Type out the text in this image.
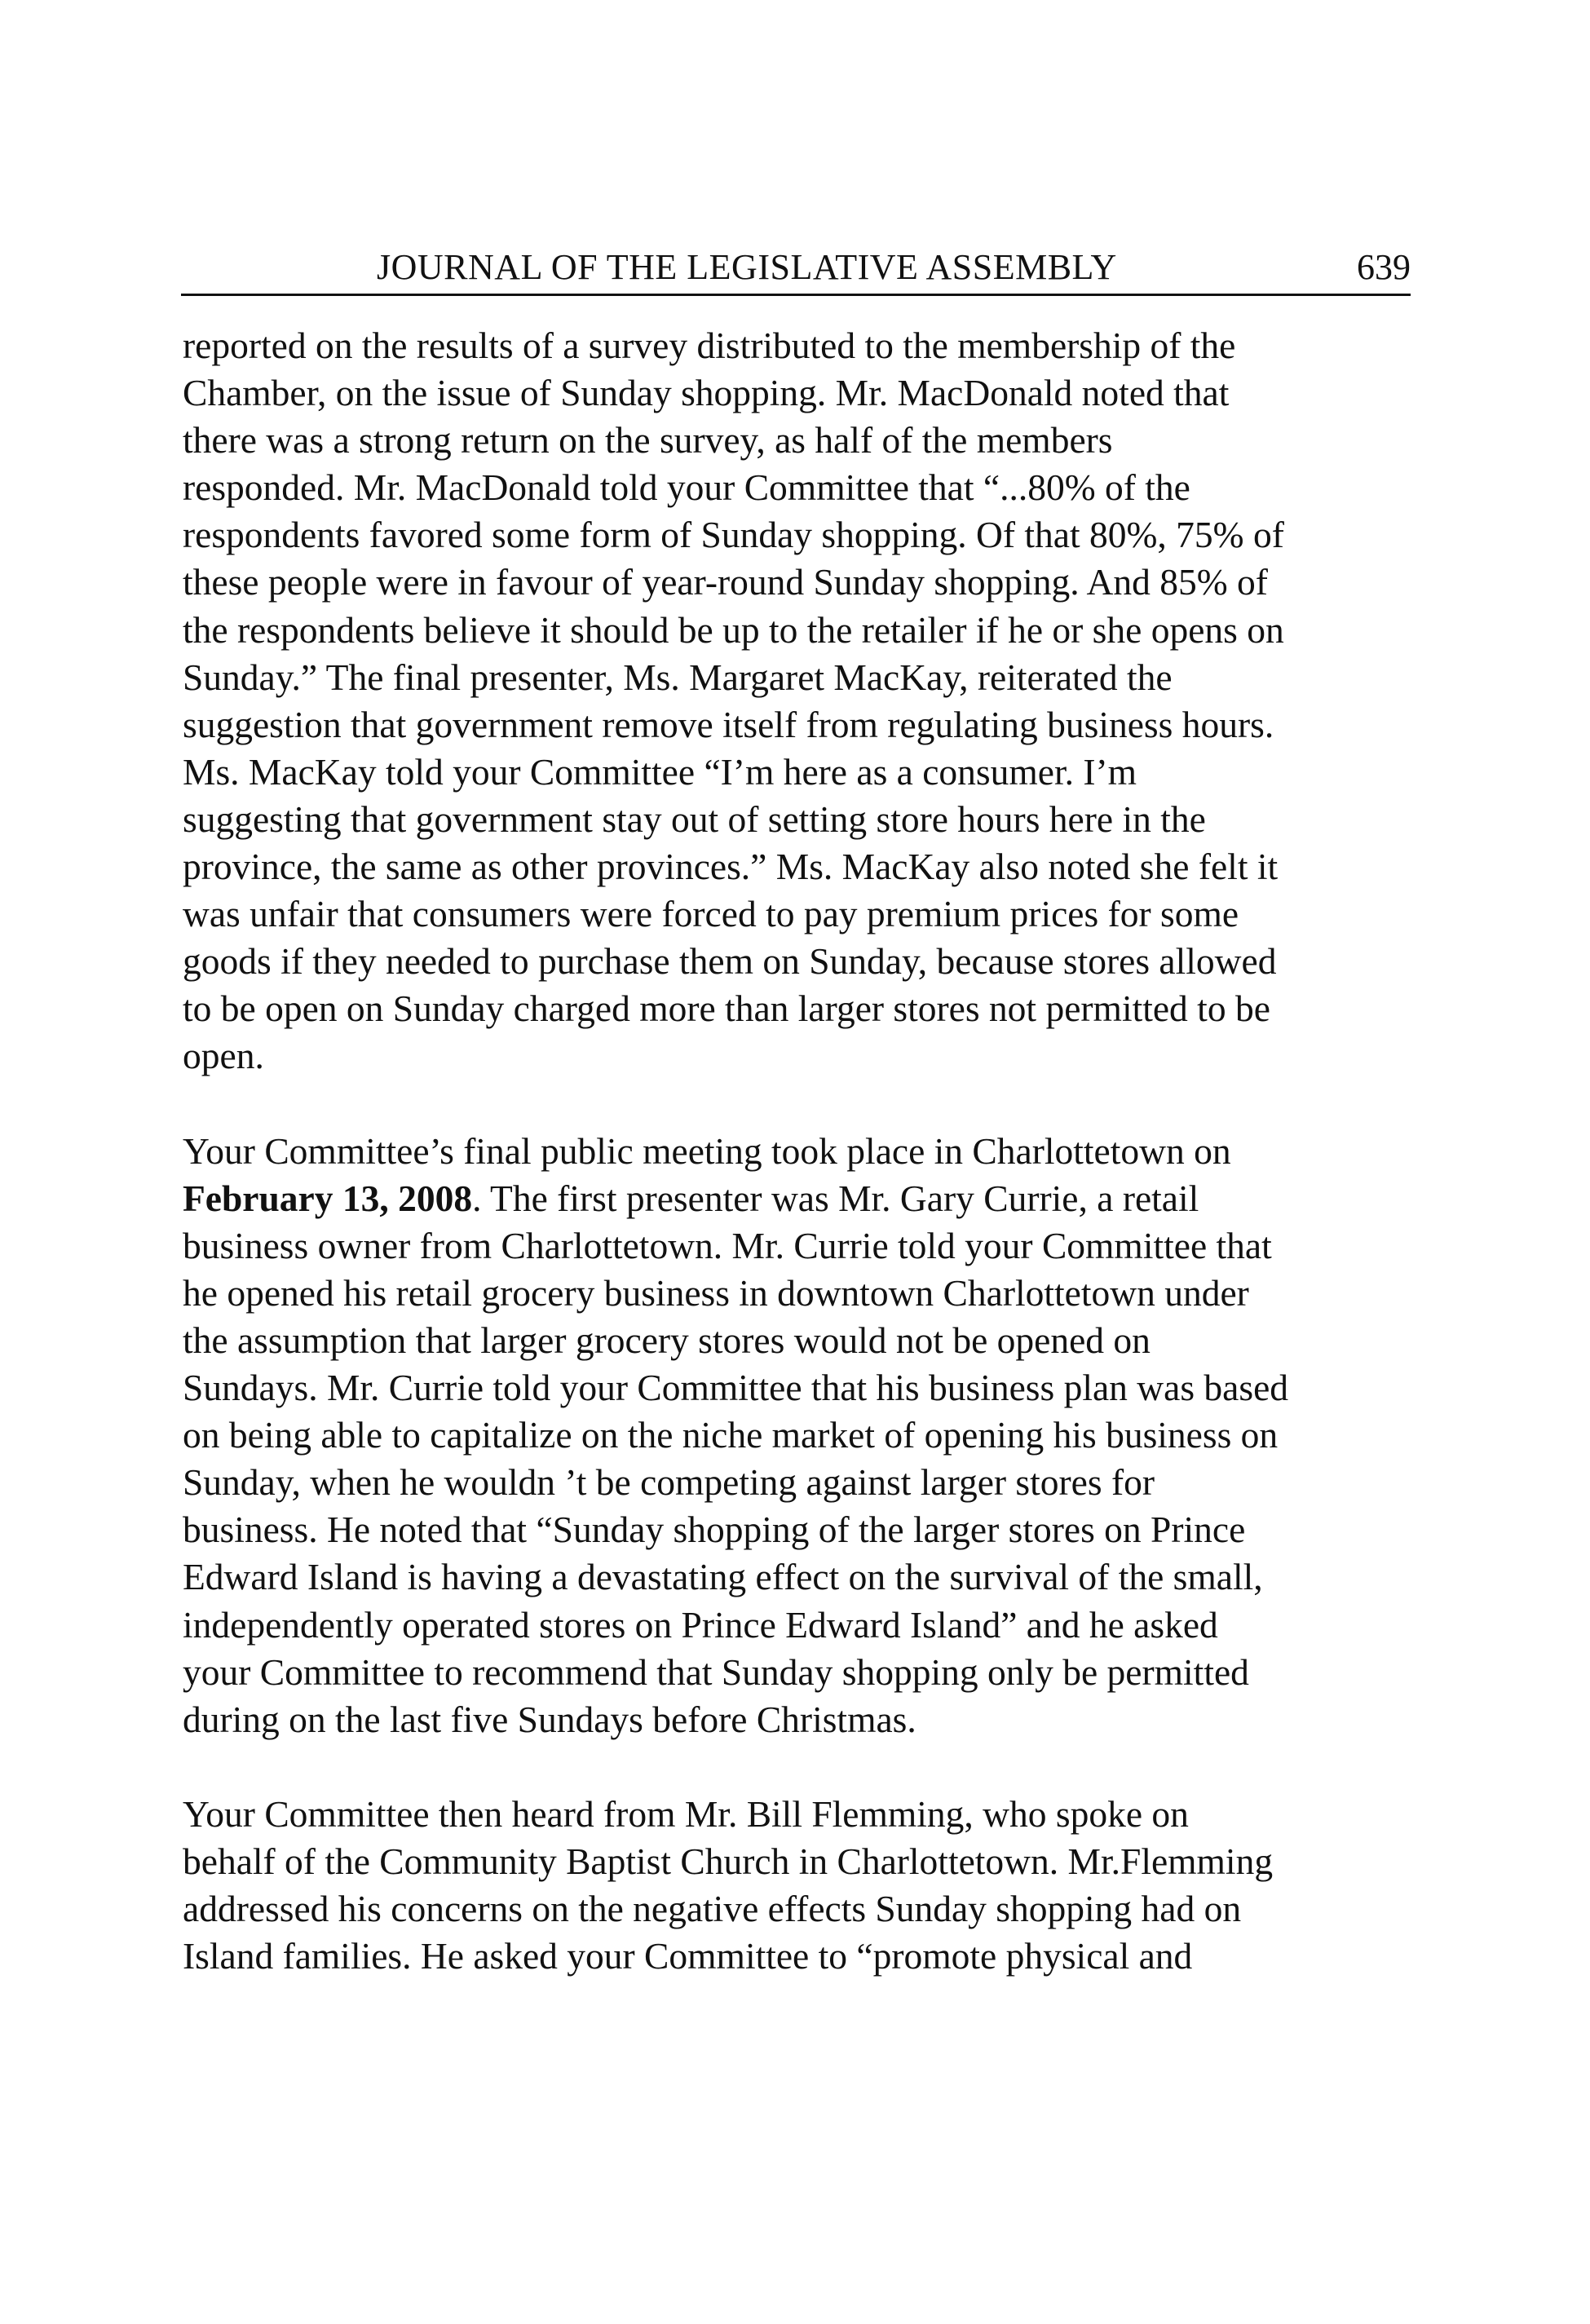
JOURNAL OF THE LEGISLATIVE ASSEMBLY	639
reported on the results of a survey distributed to the membership of the
Chamber, on the issue of Sunday shopping. Mr. MacDonald noted that
there was a strong return on the survey, as half of the members
responded. Mr. MacDonald told your Committee that “...80% of the
respondents favored some form of Sunday shopping. Of that 80%, 75% of
these people were in favour of year-round Sunday shopping. And 85% of
the respondents believe it should be up to the retailer if he or she opens on
Sunday.” The final presenter, Ms. Margaret MacKay, reiterated the
suggestion that government remove itself from regulating business hours.
Ms. MacKay told your Committee “I’m here as a consumer. I’m
suggesting that government stay out of setting store hours here in the
province, the same as other provinces.” Ms. MacKay also noted she felt it
was unfair that consumers were forced to pay premium prices for some
goods if they needed to purchase them on Sunday, because stores allowed
to be open on Sunday charged more than larger stores not permitted to be
open.
Your Committee’s final public meeting took place in Charlottetown on
February 13, 2008. The first presenter was Mr. Gary Currie, a retail
business owner from Charlottetown. Mr. Currie told your Committee that
he opened his retail grocery business in downtown Charlottetown under
the assumption that larger grocery stores would not be opened on
Sundays. Mr. Currie told your Committee that his business plan was based
on being able to capitalize on the niche market of opening his business on
Sunday, when he wouldn ’t be competing against larger stores for
business. He noted that “Sunday shopping of the larger stores on Prince
Edward Island is having a devastating effect on the survival of the small,
independently operated stores on Prince Edward Island” and he asked
your Committee to recommend that Sunday shopping only be permitted
during on the last five Sundays before Christmas.
Your Committee then heard from Mr. Bill Flemming, who spoke on
behalf of the Community Baptist Church in Charlottetown. Mr.Flemming
addressed his concerns on the negative effects Sunday shopping had on
Island families. He asked your Committee to “promote physical and
